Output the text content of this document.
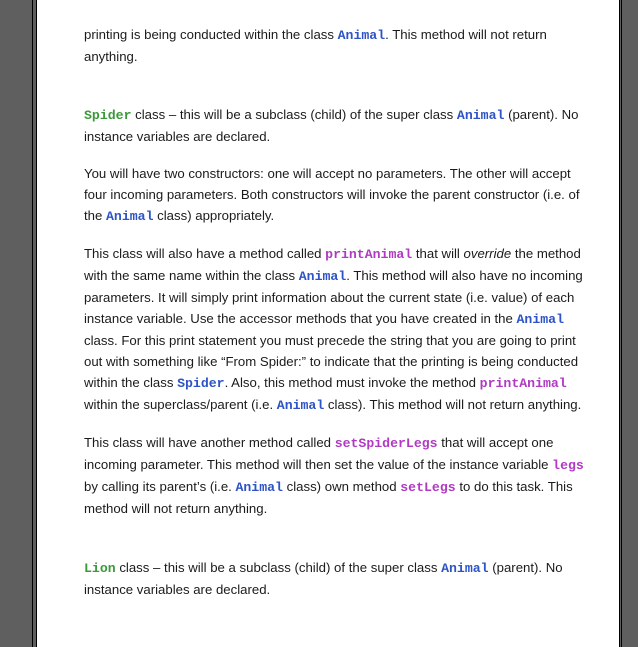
printing is being conducted within the class Animal. This method will not return anything.

Spider class – this will be a subclass (child) of the super class Animal (parent). No instance variables are declared.

You will have two constructors: one will accept no parameters. The other will accept four incoming parameters. Both constructors will invoke the parent constructor (i.e. of the Animal class) appropriately.

This class will also have a method called printAnimal that will override the method with the same name within the class Animal. This method will also have no incoming parameters. It will simply print information about the current state (i.e. value) of each instance variable. Use the accessor methods that you have created in the Animal class. For this print statement you must precede the string that you are going to print out with something like “From Spider:” to indicate that the printing is being conducted within the class Spider. Also, this method must invoke the method printAnimal within the superclass/parent (i.e. Animal class). This method will not return anything.

This class will have another method called setSpiderLegs that will accept one incoming parameter. This method will then set the value of the instance variable legs by calling its parent’s (i.e. Animal class) own method setLegs to do this task. This method will not return anything.

Lion class – this will be a subclass (child) of the super class Animal (parent). No instance variables are declared.
